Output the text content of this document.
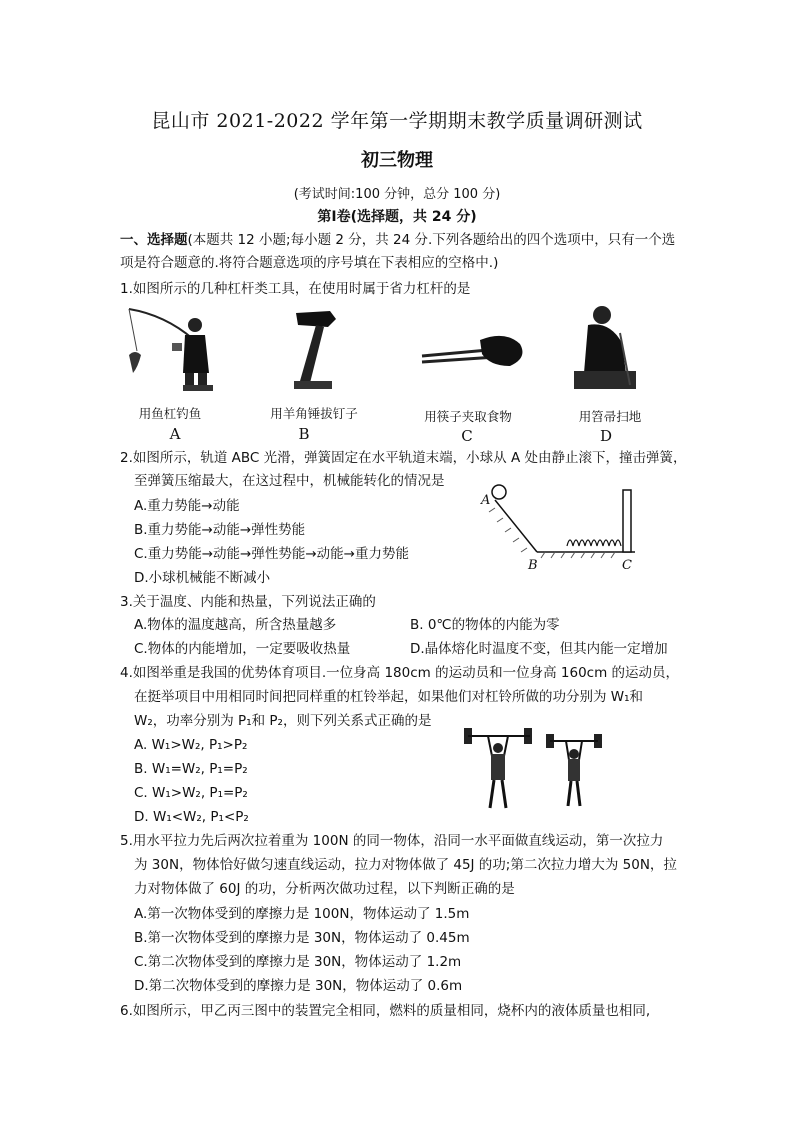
昆山市 2021-2022 学年第一学期期末教学质量调研测试
初三物理
(考试时间:100 分钟，总分 100 分)
第Ⅰ卷(选择题，共 24 分)
一、选择题(本题共 12 小题;每小题 2 分，共 24 分.下列各题给出的四个选项中，只有一个选
项是符合题意的.将符合题意选项的序号填在下表相应的空格中.)
1.如图所示的几种杠杆类工具，在使用时属于省力杠杆的是
用鱼杠钓鱼	用羊角锤拔钉子	用筷子夹取食物	用笤帚扫地
A	B	C	D
2.如图所示，轨道 ABC 光滑，弹簧固定在水平轨道末端，小球从 A 处由静止滚下，撞击弹簧，
至弹簧压缩最大，在这过程中，机械能转化的情况是
A.重力势能→动能
B.重力势能→动能→弹性势能
C.重力势能→动能→弹性势能→动能→重力势能
D.小球机械能不断减小
A
B	C
3.关于温度、内能和热量，下列说法正确的
A.物体的温度越高，所含热量越多	B. 0℃的物体的内能为零
C.物体的内能增加，一定要吸收热量	D.晶体熔化时温度不变，但其内能一定增加
4.如图举重是我国的优势体育项目.一位身高 180cm 的运动员和一位身高 160cm 的运动员，
在挺举项目中用相同时间把同样重的杠铃举起，如果他们对杠铃所做的功分别为 W₁和
W₂，功率分别为 P₁和 P₂，则下列关系式正确的是
A. W₁>W₂, P₁>P₂
B. W₁=W₂, P₁=P₂
C. W₁>W₂, P₁=P₂
D. W₁<W₂, P₁<P₂
5.用水平拉力先后两次拉着重为 100N 的同一物体，沿同一水平面做直线运动，第一次拉力
为 30N，物体恰好做匀速直线运动，拉力对物体做了 45J 的功;第二次拉力增大为 50N，拉
力对物体做了 60J 的功，分析两次做功过程，以下判断正确的是
A.第一次物体受到的摩擦力是 100N，物体运动了 1.5m
B.第一次物体受到的摩擦力是 30N，物体运动了 0.45m
C.第二次物体受到的摩擦力是 30N，物体运动了 1.2m
D.第二次物体受到的摩擦力是 30N，物体运动了 0.6m
6.如图所示，甲乙丙三图中的装置完全相同，燃料的质量相同，烧杯内的液体质量也相同,
